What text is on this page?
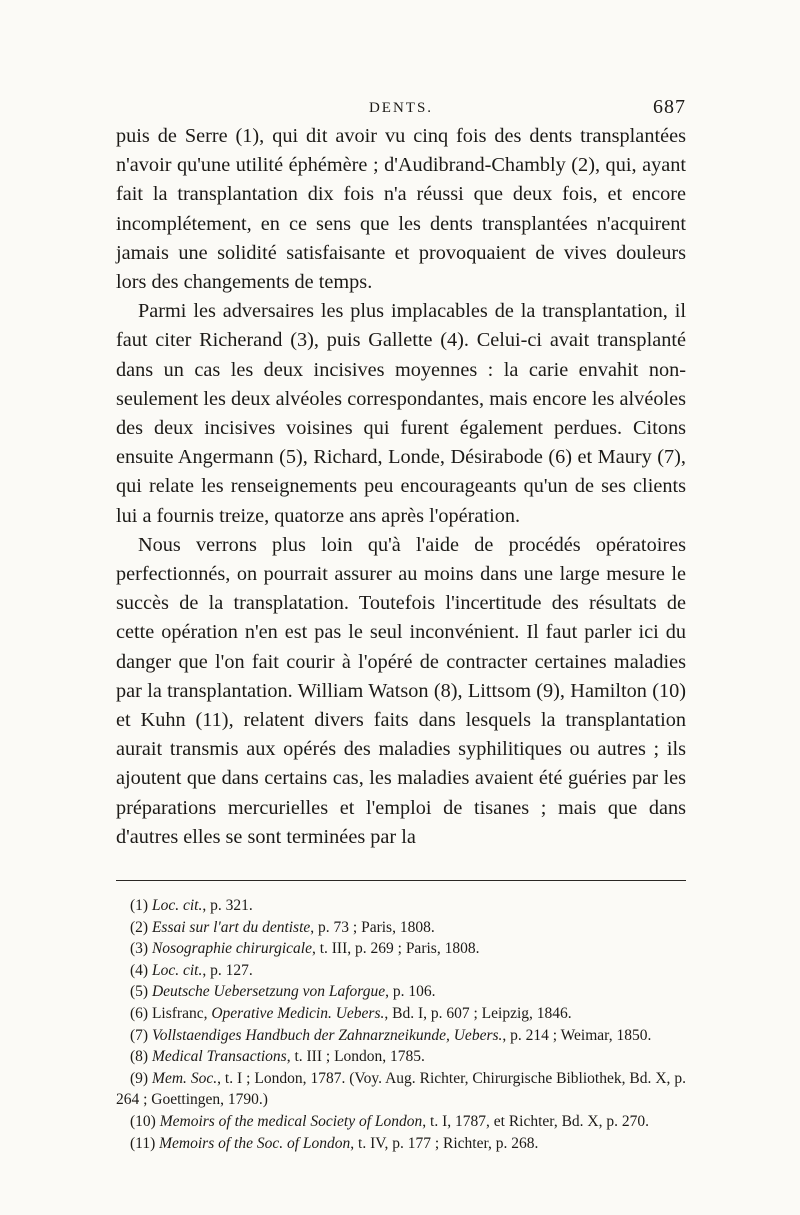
DENTS.	687

puis de Serre (1), qui dit avoir vu cinq fois des dents transplantées n'avoir qu'une utilité éphémère ; d'Audibrand-Chambly (2), qui, ayant fait la transplantation dix fois n'a réussi que deux fois, et encore incomplétement, en ce sens que les dents transplantées n'acquirent jamais une solidité satisfaisante et provoquaient de vives douleurs lors des changements de temps.

Parmi les adversaires les plus implacables de la transplantation, il faut citer Richerand (3), puis Gallette (4). Celui-ci avait transplanté dans un cas les deux incisives moyennes : la carie envahit non-seulement les deux alvéoles correspondantes, mais encore les alvéoles des deux incisives voisines qui furent également perdues. Citons ensuite Angermann (5), Richard, Londe, Désirabode (6) et Maury (7), qui relate les renseignements peu encourageants qu'un de ses clients lui a fournis treize, quatorze ans après l'opération.

Nous verrons plus loin qu'à l'aide de procédés opératoires perfectionnés, on pourrait assurer au moins dans une large mesure le succès de la transplatation. Toutefois l'incertitude des résultats de cette opération n'en est pas le seul inconvénient. Il faut parler ici du danger que l'on fait courir à l'opéré de contracter certaines maladies par la transplantation. William Watson (8), Littsom (9), Hamilton (10) et Kuhn (11), relatent divers faits dans lesquels la transplantation aurait transmis aux opérés des maladies syphilitiques ou autres ; ils ajoutent que dans certains cas, les maladies avaient été guéries par les préparations mercurielles et l'emploi de tisanes ; mais que dans d'autres elles se sont terminées par la

(1) Loc. cit., p. 321.

(2) Essai sur l'art du dentiste, p. 73 ; Paris, 1808.

(3) Nosographie chirurgicale, t. III, p. 269 ; Paris, 1808.

(4) Loc. cit., p. 127.

(5) Deutsche Uebersetzung von Laforgue, p. 106.

(6) Lisfranc, Operative Medicin. Uebers., Bd. I, p. 607 ; Leipzig, 1846.

(7) Vollstaendiges Handbuch der Zahnarzneikunde, Uebers., p. 214 ; Weimar, 1850.

(8) Medical Transactions, t. III ; London, 1785.

(9) Mem. Soc., t. I ; London, 1787. (Voy. Aug. Richter, Chirurgische Bibliothek, Bd. X, p. 264 ; Goettingen, 1790.)

(10) Memoirs of the medical Society of London, t. I, 1787, et Richter, Bd. X, p. 270.

(11) Memoirs of the Soc. of London, t. IV, p. 177 ; Richter, p. 268.
